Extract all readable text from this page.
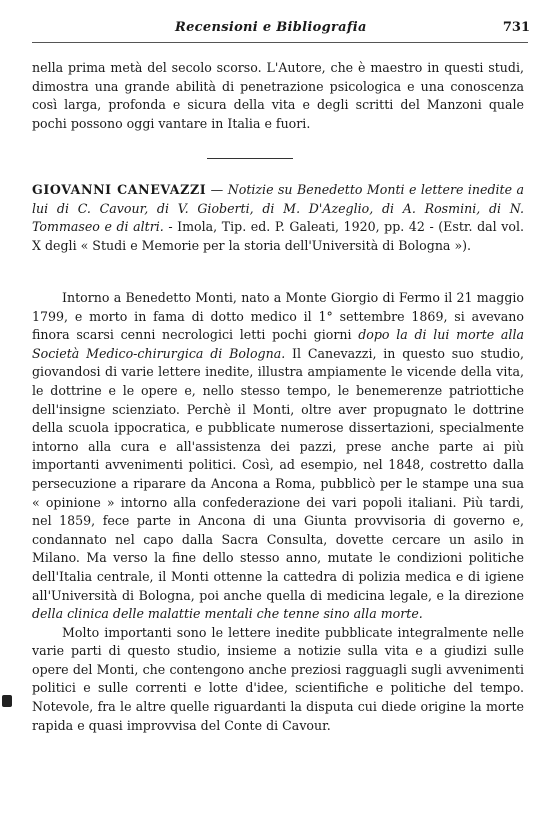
Recensioni e Bibliografia	731

nella prima metà del secolo scorso. L'Autore, che è maestro in questi studi, dimostra una grande abilità di penetrazione psicologica e una conoscenza così larga, profonda e sicura della vita e degli scritti del Manzoni quale pochi possono oggi vantare in Italia e fuori.

GIOVANNI CANEVAZZI — Notizie su Benedetto Monti e lettere inedite a lui di C. Cavour, di V. Gioberti, di M. D'Azeglio, di A. Rosmini, di N. Tommaseo e di altri. - Imola, Tip. ed. P. Galeati, 1920, pp. 42 - (Estr. dal vol. X degli « Studi e Memorie per la storia dell'Università di Bologna »).

Intorno a Benedetto Monti, nato a Monte Giorgio di Fermo il 21 maggio 1799, e morto in fama di dotto medico il 1° settembre 1869, si avevano finora scarsi cenni necrologici letti pochi giorni dopo la di lui morte alla Società Medico-chirurgica di Bologna. Il Canevazzi, in questo suo studio, giovandosi di varie lettere inedite, illustra ampiamente le vicende della vita, le dottrine e le opere e, nello stesso tempo, le benemerenze patriottiche dell'insigne scienziato. Perchè il Monti, oltre aver propugnato le dottrine della scuola ippocratica, e pubblicate numerose dissertazioni, specialmente intorno alla cura e all'assistenza dei pazzi, prese anche parte ai più importanti avvenimenti politici. Così, ad esempio, nel 1848, costretto dalla persecuzione a riparare da Ancona a Roma, pubblicò per le stampe una sua « opinione » intorno alla confederazione dei vari popoli italiani. Più tardi, nel 1859, fece parte in Ancona di una Giunta provvisoria di governo e, condannato nel capo dalla Sacra Consulta, dovette cercare un asilo in Milano. Ma verso la fine dello stesso anno, mutate le condizioni politiche dell'Italia centrale, il Monti ottenne la cattedra di polizia medica e di igiene all'Università di Bologna, poi anche quella di medicina legale, e la direzione della clinica delle malattie mentali che tenne sino alla morte.

Molto importanti sono le lettere inedite pubblicate integralmente nelle varie parti di questo studio, insieme a notizie sulla vita e a giudizi sulle opere del Monti, che contengono anche preziosi ragguagli sugli avvenimenti politici e sulle correnti e lotte d'idee, scientifiche e politiche del tempo. Notevole, fra le altre quelle riguardanti la disputa cui diede origine la morte rapida e quasi improvvisa del Conte di Cavour.
